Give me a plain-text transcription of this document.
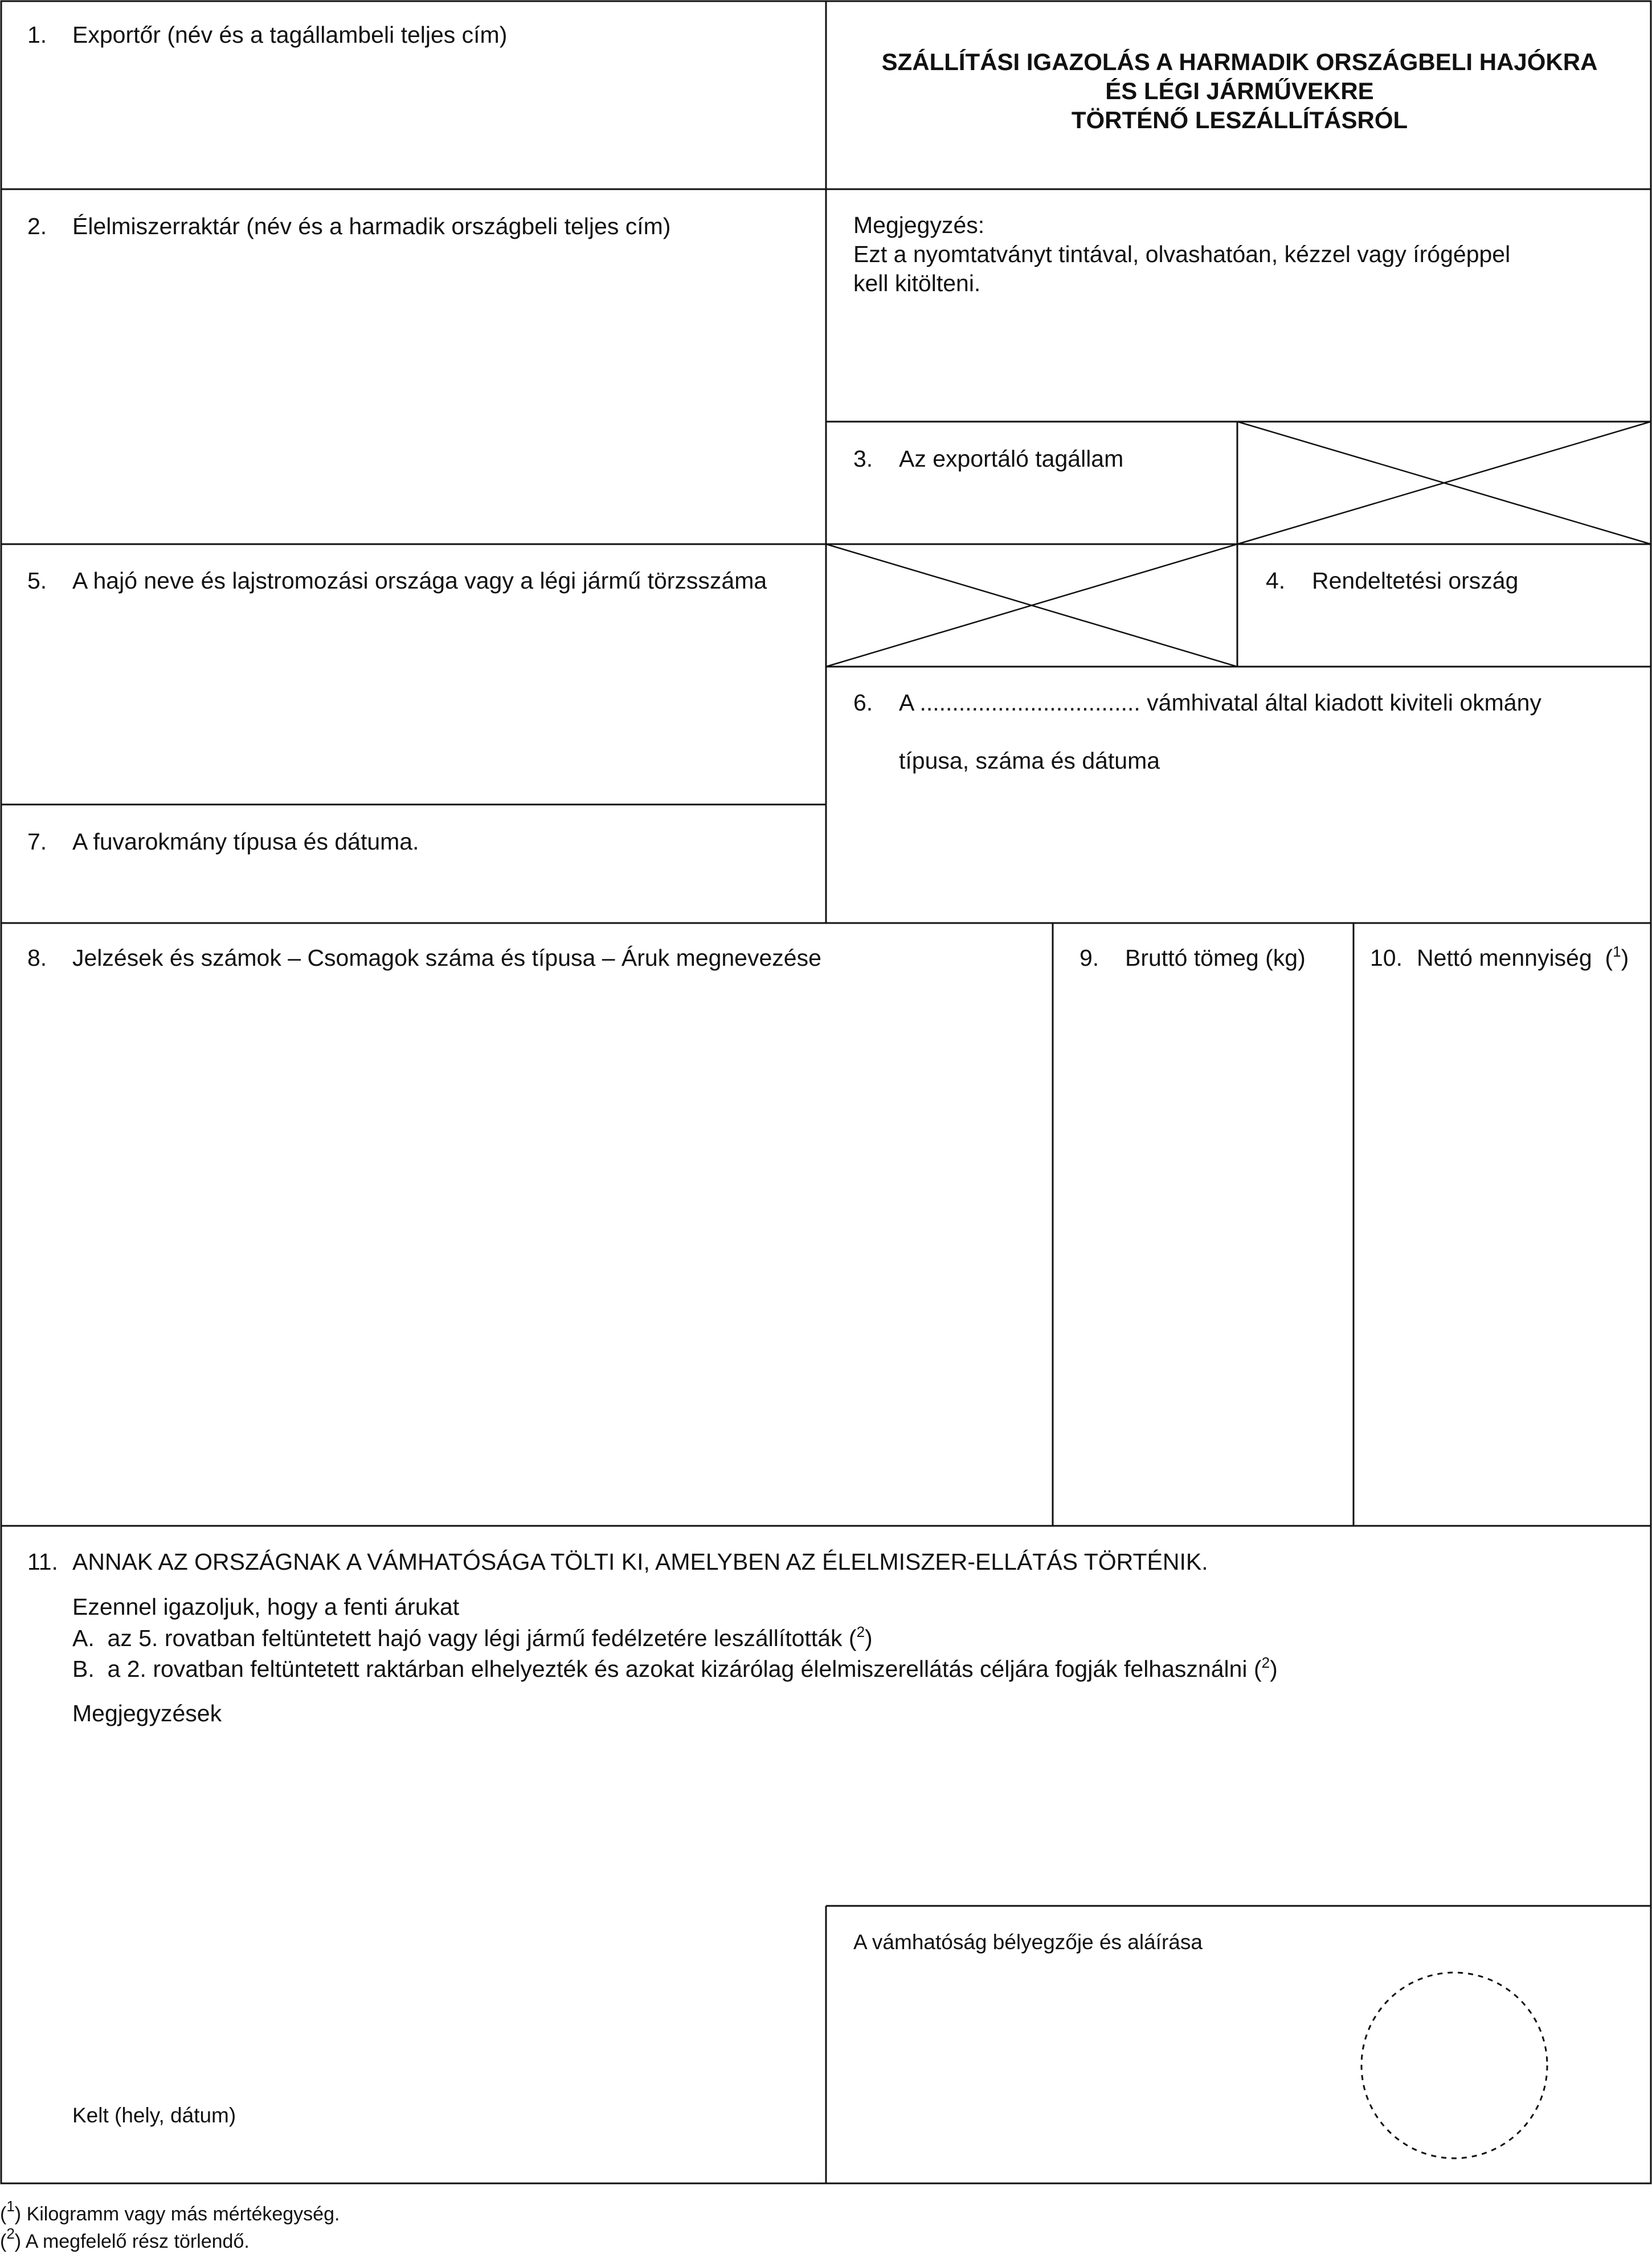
SZÁLLÍTÁSI IGAZOLÁS A HARMADIK ORSZÁGBELI HAJÓKRA
ÉS LÉGI JÁRMŰVEKRE
TÖRTÉNŐ LESZÁLLÍTÁSRÓL
1. Exportőr (név és a tagállambeli teljes cím)
2. Élelmiszerraktár (név és a harmadik országbeli teljes cím)	Megjegyzés:
Ezt a nyomtatványt tintával, olvashatóan, kézzel vagy írógéppel
kell kitölteni.
3. Az exportáló tagállam
5. A hajó neve és lajstromozási országa vagy a légi jármű törzsszáma	4. Rendeltetési ország
6. A .................................. vámhivatal által kiadott kiviteli okmány
típusa, száma és dátuma
7. A fuvarokmány típusa és dátuma.
8. Jelzések és számok – Csomagok száma és típusa – Áruk megnevezése	9. Bruttó tömeg (kg)	10. Nettó mennyiség  ($^1$)
11. ANNAK AZ ORSZÁGNAK A VÁMHATÓSÁGA TÖLTI KI, AMELYBEN AZ ÉLELMISZER-ELLÁTÁS TÖRTÉNIK.
Ezennel igazoljuk, hogy a fenti árukat
A. az 5. rovatban feltüntetett hajó vagy légi jármű fedélzetére leszállították ($^2$)
B. a 2. rovatban feltüntetett raktárban elhelyezték és azokat kizárólag élelmiszerellátás céljára fogják felhasználni ($^2$)
Megjegyzések
A vámhatóság bélyegzője és aláírása
Kelt (hely, dátum)
($^1$) Kilogramm vagy más mértékegység.
($^2$) A megfelelő rész törlendő.
